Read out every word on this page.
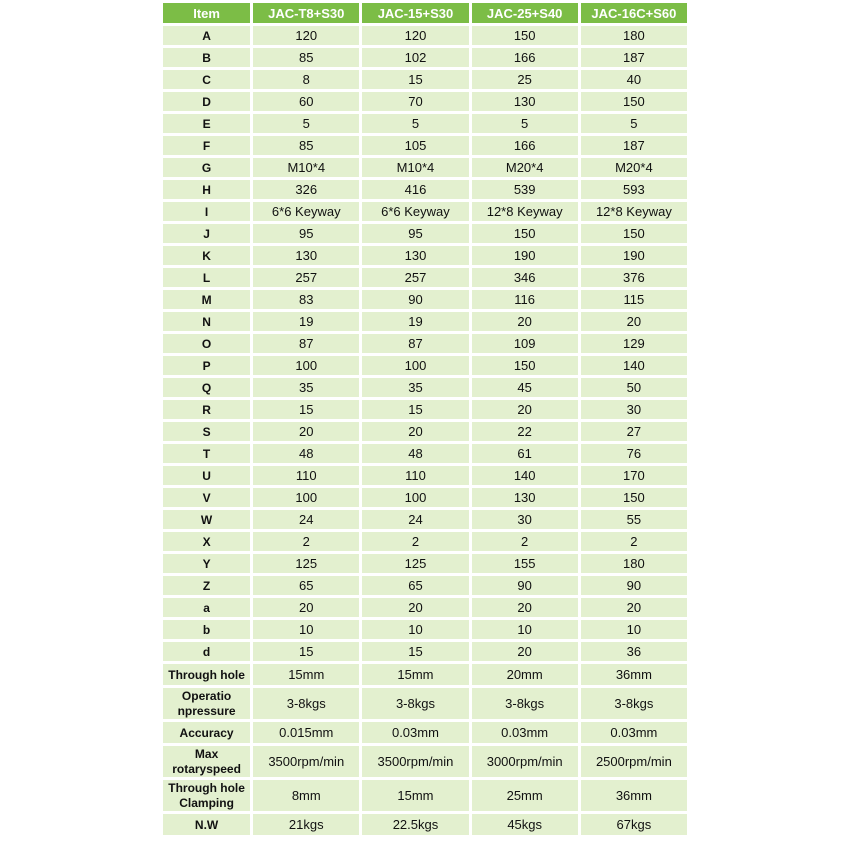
Item	JAC-T8+S30	JAC-15+S30	JAC-25+S40	JAC-16C+S60
A	120	120	150	180
B	85	102	166	187
C	8	15	25	40
D	60	70	130	150
E	5	5	5	5
F	85	105	166	187
G	M10*4	M10*4	M20*4	M20*4
H	326	416	539	593
I	6*6 Keyway	6*6 Keyway	12*8 Keyway	12*8 Keyway
J	95	95	150	150
K	130	130	190	190
L	257	257	346	376
M	83	90	116	115
N	19	19	20	20
O	87	87	109	129
P	100	100	150	140
Q	35	35	45	50
R	15	15	20	30
S	20	20	22	27
T	48	48	61	76
U	110	110	140	170
V	100	100	130	150
W	24	24	30	55
X	2	2	2	2
Y	125	125	155	180
Z	65	65	90	90
a	20	20	20	20
b	10	10	10	10
d	15	15	20	36
Through hole	15mm	15mm	20mm	36mm
Operatio npressure	3-8kgs	3-8kgs	3-8kgs	3-8kgs
Accuracy	0.015mm	0.03mm	0.03mm	0.03mm
Max rotaryspeed	3500rpm/min	3500rpm/min	3000rpm/min	2500rpm/min
Through hole Clamping	8mm	15mm	25mm	36mm
N.W	21kgs	22.5kgs	45kgs	67kgs
